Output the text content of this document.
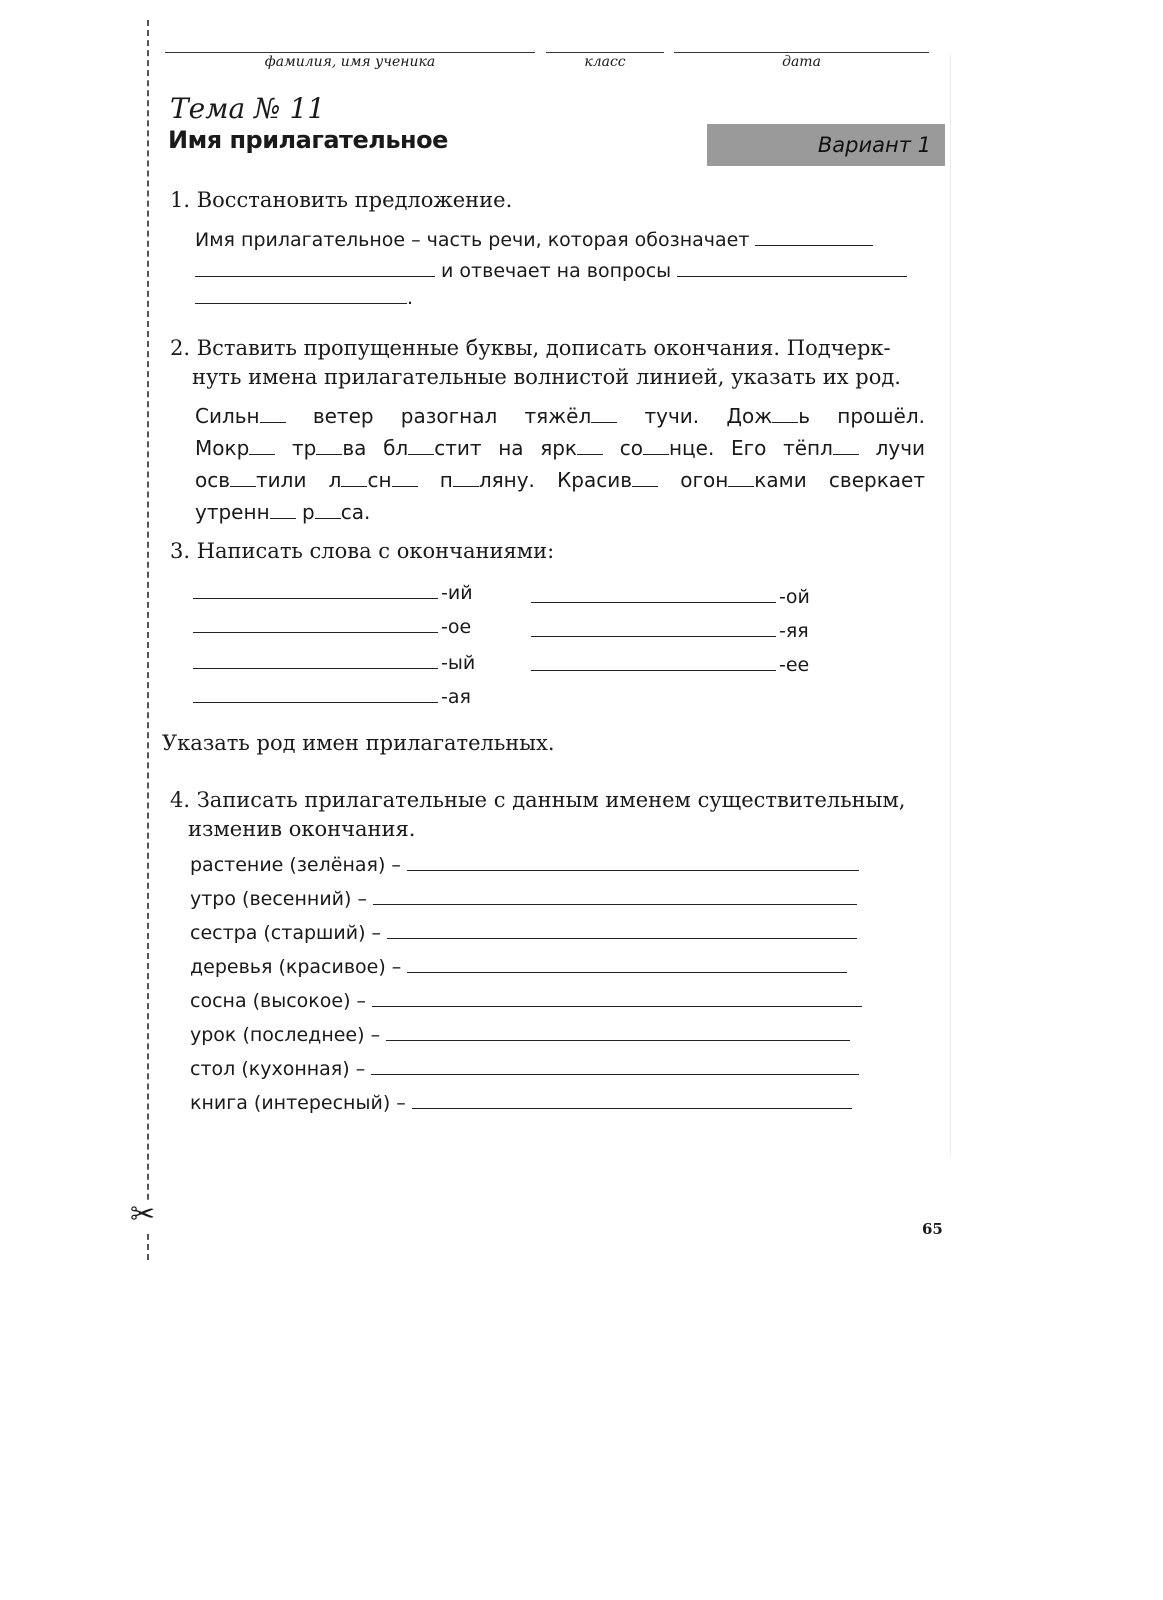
✂
фамилия, имя ученика	класс	дата
Тема № 11
Имя прилагательное	Вариант 1
1. Восстановить предложение.
Имя прилагательное – часть речи, которая обозначает
и отвечает на вопросы
.
2. Вставить пропущенные буквы, дописать окончания. Подчерк-
нуть имена прилагательные волнистой линией, указать их род.
Сильн	ветер разогнал тяжёл	тучи. Дож ь прошёл.
Мокр тр ва бл стит на ярк со нце. Его тёпл лучи
осв тили л сн п ляну. Красив огон ками сверкает
утренн р са.
3. Написать слова с окончаниями:
-ий
-ое
-ый
-ая
-ой
-яя
-ее
Указать род имен прилагательных.
4. Записать прилагательные с данным именем существительным,
изменив окончания.
растение (зелёная) –
утро (весенний) –
сестра (старший) –
деревья (красивое) –
сосна (высокое) –
урок (последнее) –
стол (кухонная) –
книга (интересный) –
65
